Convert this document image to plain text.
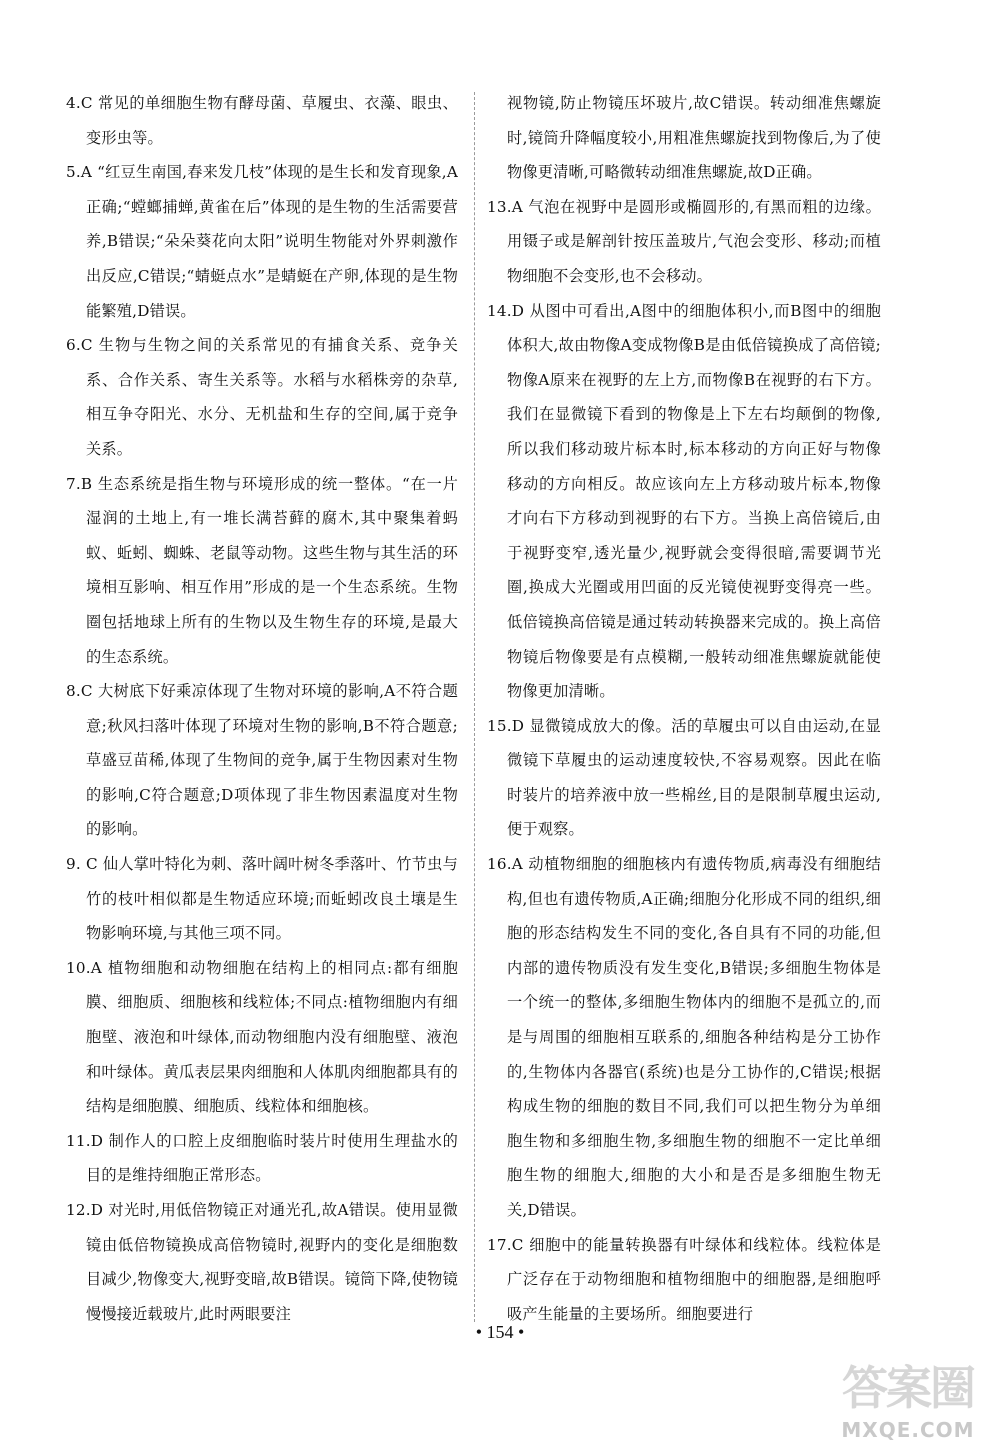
4.C 常见的单细胞生物有酵母菌、草履虫、衣藻、眼虫、变形虫等。

5.A “红豆生南国,春来发几枝”体现的是生长和发育现象,A正确;“螳螂捕蝉,黄雀在后”体现的是生物的生活需要营养,B错误;“朵朵葵花向太阳”说明生物能对外界刺激作出反应,C错误;“蜻蜓点水”是蜻蜓在产卵,体现的是生物能繁殖,D错误。

6.C 生物与生物之间的关系常见的有捕食关系、竞争关系、合作关系、寄生关系等。水稻与水稻株旁的杂草,相互争夺阳光、水分、无机盐和生存的空间,属于竞争关系。

7.B 生态系统是指生物与环境形成的统一整体。“在一片湿润的土地上,有一堆长满苔藓的腐木,其中聚集着蚂蚁、蚯蚓、蜘蛛、老鼠等动物。这些生物与其生活的环境相互影响、相互作用”形成的是一个生态系统。生物圈包括地球上所有的生物以及生物生存的环境,是最大的生态系统。

8.C 大树底下好乘凉体现了生物对环境的影响,A不符合题意;秋风扫落叶体现了环境对生物的影响,B不符合题意;草盛豆苗稀,体现了生物间的竞争,属于生物因素对生物的影响,C符合题意;D项体现了非生物因素温度对生物的影响。

9. C 仙人掌叶特化为刺、落叶阔叶树冬季落叶、竹节虫与竹的枝叶相似都是生物适应环境;而蚯蚓改良土壤是生物影响环境,与其他三项不同。

10.A 植物细胞和动物细胞在结构上的相同点:都有细胞膜、细胞质、细胞核和线粒体;不同点:植物细胞内有细胞壁、液泡和叶绿体,而动物细胞内没有细胞壁、液泡和叶绿体。黄瓜表层果肉细胞和人体肌肉细胞都具有的结构是细胞膜、细胞质、线粒体和细胞核。

11.D 制作人的口腔上皮细胞临时装片时使用生理盐水的目的是维持细胞正常形态。

12.D 对光时,用低倍物镜正对通光孔,故A错误。使用显微镜由低倍物镜换成高倍物镜时,视野内的变化是细胞数目减少,物像变大,视野变暗,故B错误。镜筒下降,使物镜慢慢接近载玻片,此时两眼要注

视物镜,防止物镜压坏玻片,故C错误。转动细准焦螺旋时,镜筒升降幅度较小,用粗准焦螺旋找到物像后,为了使物像更清晰,可略微转动细准焦螺旋,故D正确。

13.A 气泡在视野中是圆形或椭圆形的,有黑而粗的边缘。用镊子或是解剖针按压盖玻片,气泡会变形、移动;而植物细胞不会变形,也不会移动。

14.D 从图中可看出,A图中的细胞体积小,而B图中的细胞体积大,故由物像A变成物像B是由低倍镜换成了高倍镜;物像A原来在视野的左上方,而物像B在视野的右下方。我们在显微镜下看到的物像是上下左右均颠倒的物像,所以我们移动玻片标本时,标本移动的方向正好与物像移动的方向相反。故应该向左上方移动玻片标本,物像才向右下方移动到视野的右下方。当换上高倍镜后,由于视野变窄,透光量少,视野就会变得很暗,需要调节光圈,换成大光圈或用凹面的反光镜使视野变得亮一些。低倍镜换高倍镜是通过转动转换器来完成的。换上高倍物镜后物像要是有点模糊,一般转动细准焦螺旋就能使物像更加清晰。

15.D 显微镜成放大的像。活的草履虫可以自由运动,在显微镜下草履虫的运动速度较快,不容易观察。因此在临时装片的培养液中放一些棉丝,目的是限制草履虫运动,便于观察。

16.A 动植物细胞的细胞核内有遗传物质,病毒没有细胞结构,但也有遗传物质,A正确;细胞分化形成不同的组织,细胞的形态结构发生不同的变化,各自具有不同的功能,但内部的遗传物质没有发生变化,B错误;多细胞生物体是一个统一的整体,多细胞生物体内的细胞不是孤立的,而是与周围的细胞相互联系的,细胞各种结构是分工协作的,生物体内各器官(系统)也是分工协作的,C错误;根据构成生物的细胞的数目不同,我们可以把生物分为单细胞生物和多细胞生物,多细胞生物的细胞不一定比单细胞生物的细胞大,细胞的大小和是否是多细胞生物无关,D错误。

17.C 细胞中的能量转换器有叶绿体和线粒体。线粒体是广泛存在于动物细胞和植物细胞中的细胞器,是细胞呼吸产生能量的主要场所。细胞要进行

• 154 •
答案圈
MXQE.COM
